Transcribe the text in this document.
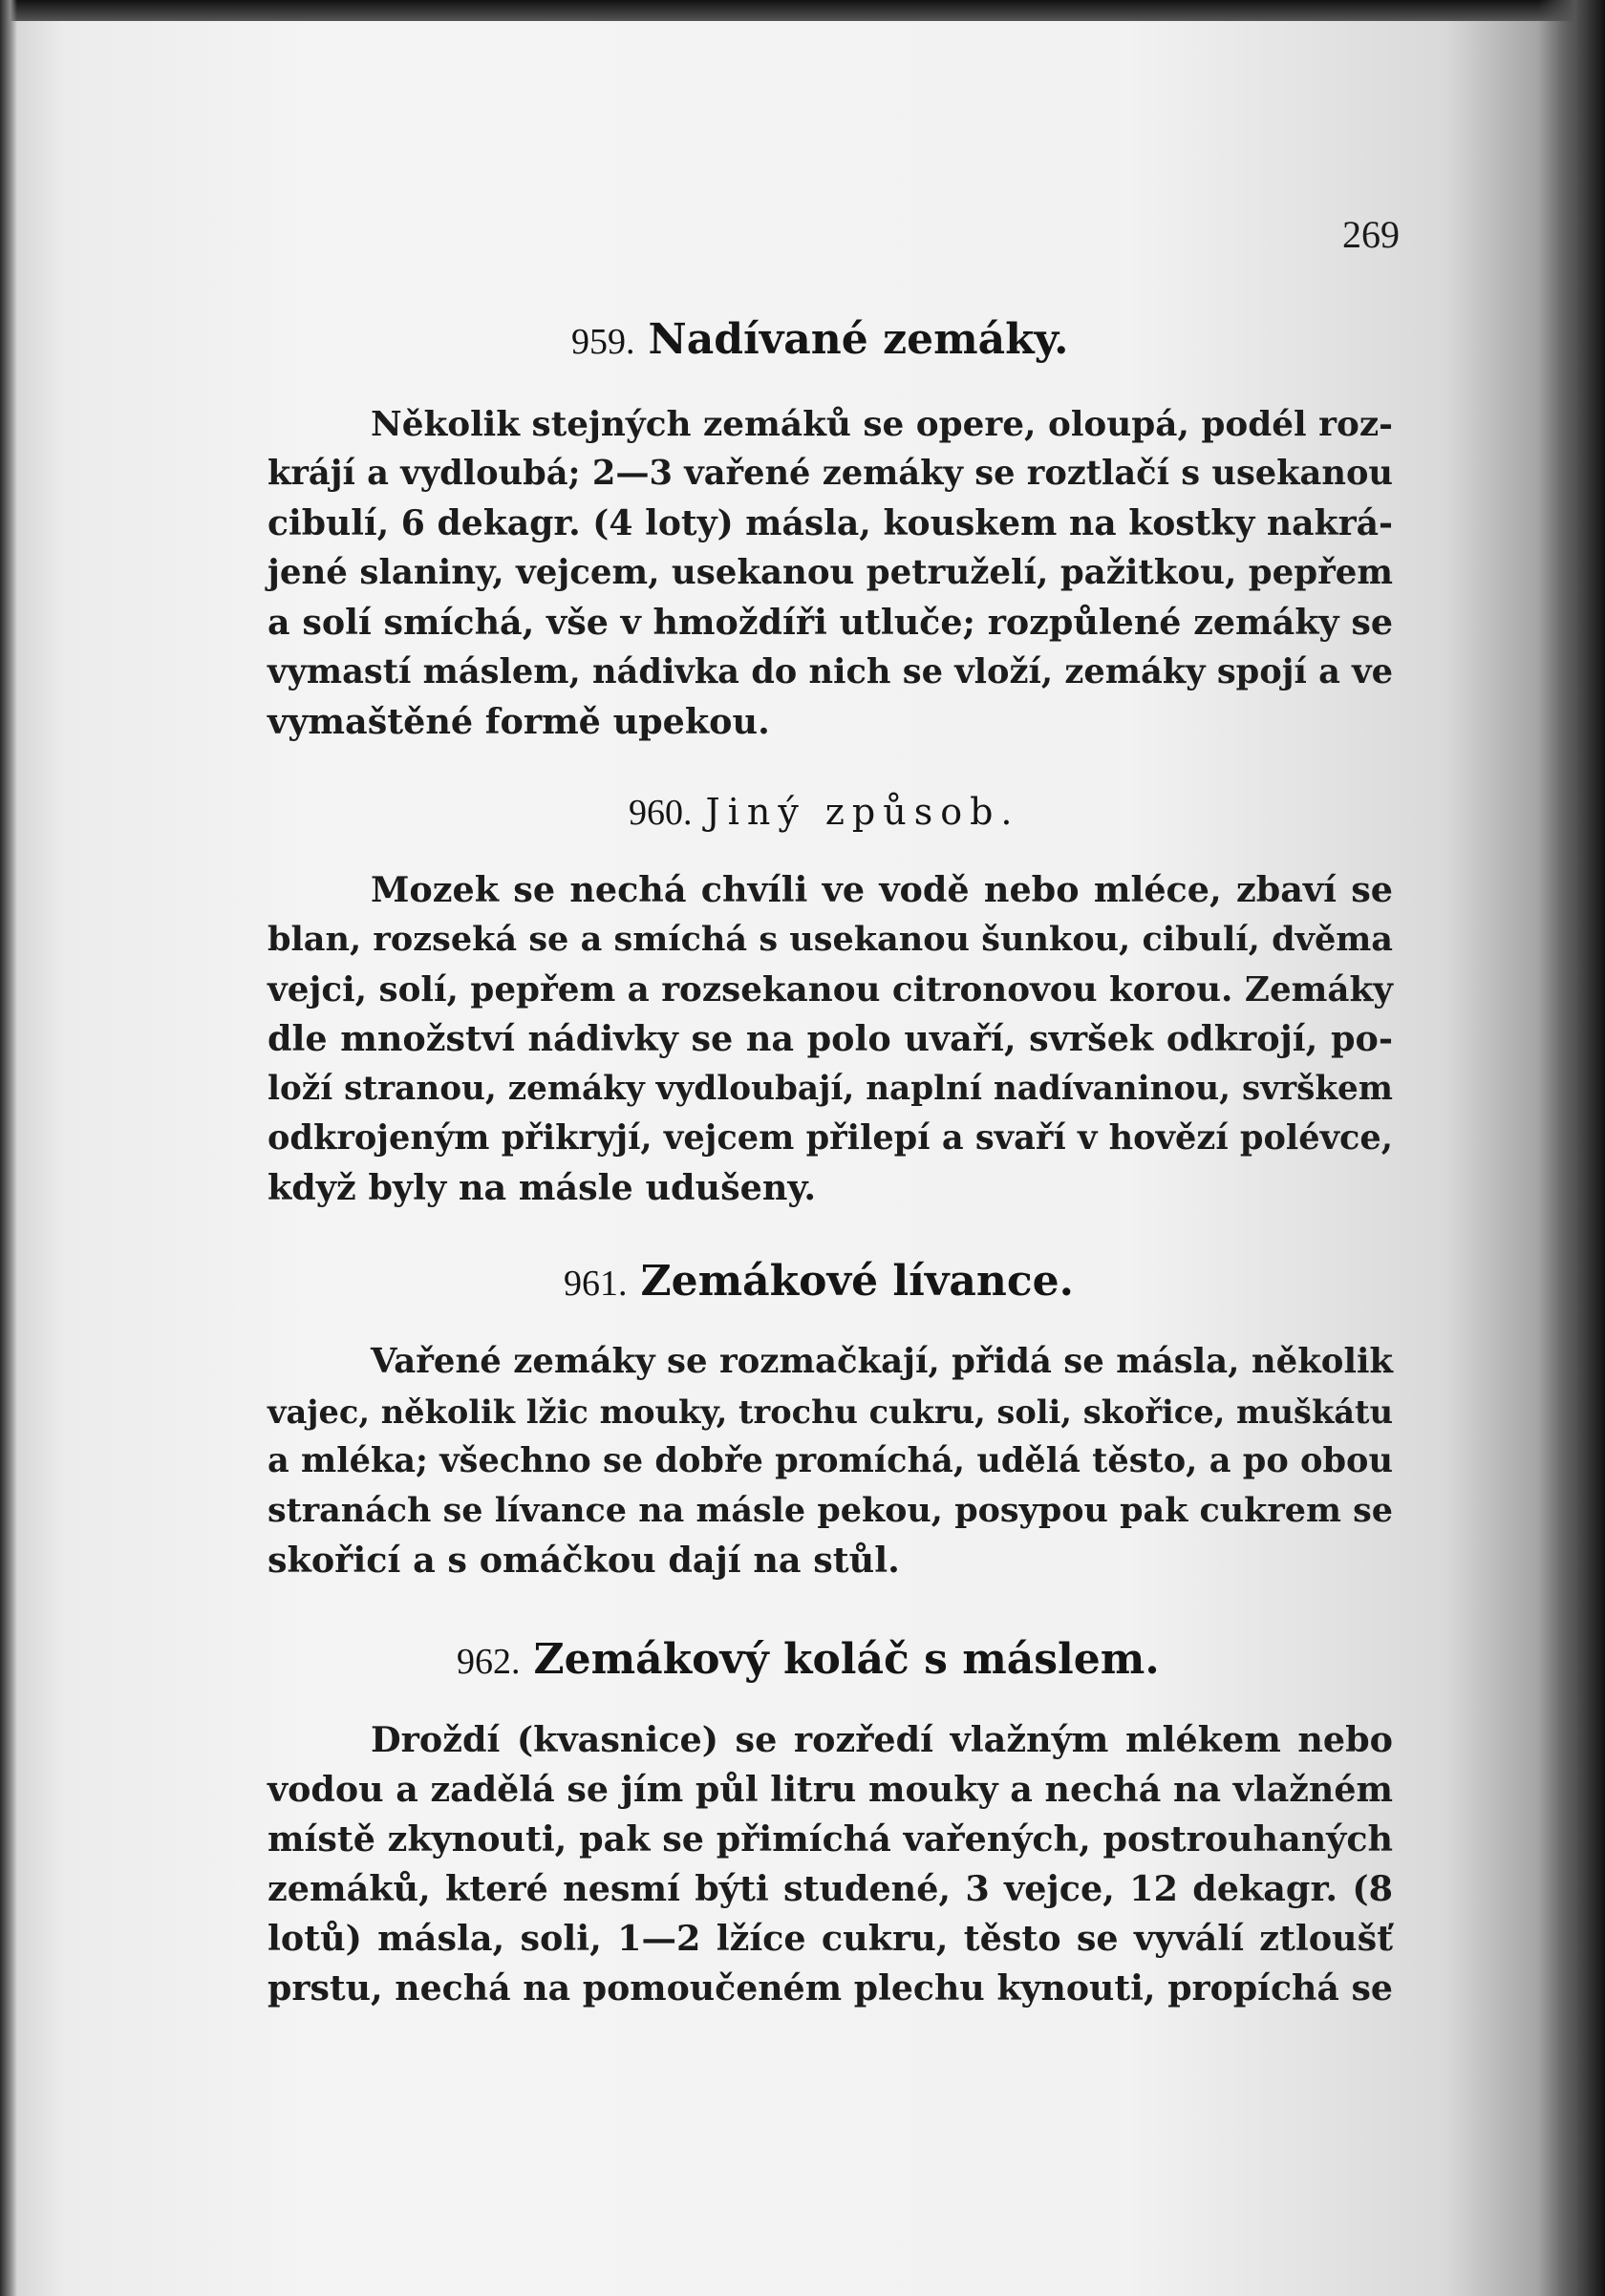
269
959. Nadívané zemáky.
Několik stejných zemáků se opere, oloupá, podél roz-
krájí a vydloubá; 2—3 vařené zemáky se roztlačí s usekanou
cibulí, 6 dekagr. (4 loty) másla, kouskem na kostky nakrá-
jené slaniny, vejcem, usekanou petruželí, pažitkou, pepřem
a solí smíchá, vše v hmoždíři utluče; rozpůlené zemáky se
vymastí máslem, nádivka do nich se vloží, zemáky spojí a ve
vymaštěné formě upekou.
960. Jiný způsob.
Mozek se nechá chvíli ve vodě nebo mléce, zbaví se
blan, rozseká se a smíchá s usekanou šunkou, cibulí, dvěma
vejci, solí, pepřem a rozsekanou citronovou korou. Zemáky
dle množství nádivky se na polo uvaří, svršek odkrojí, po-
loží stranou, zemáky vydloubají, naplní nadívaninou, svrškem
odkrojeným přikryjí, vejcem přilepí a svaří v hovězí polévce,
když byly na másle udušeny.
961. Zemákové lívance.
Vařené zemáky se rozmačkají, přidá se másla, několik
vajec, několik lžic mouky, trochu cukru, soli, skořice, muškátu
a mléka; všechno se dobře promíchá, udělá těsto, a po obou
stranách se lívance na másle pekou, posypou pak cukrem se
skořicí a s omáčkou dají na stůl.
962. Zemákový koláč s máslem.
Droždí (kvasnice) se rozředí vlažným mlékem nebo
vodou a zadělá se jím půl litru mouky a nechá na vlažném
místě zkynouti, pak se přimíchá vařených, postrouhaných
zemáků, které nesmí býti studené, 3 vejce, 12 dekagr. (8
lotů) másla, soli, 1—2 lžíce cukru, těsto se vyválí ztloušť
prstu, nechá na pomoučeném plechu kynouti, propíchá se
